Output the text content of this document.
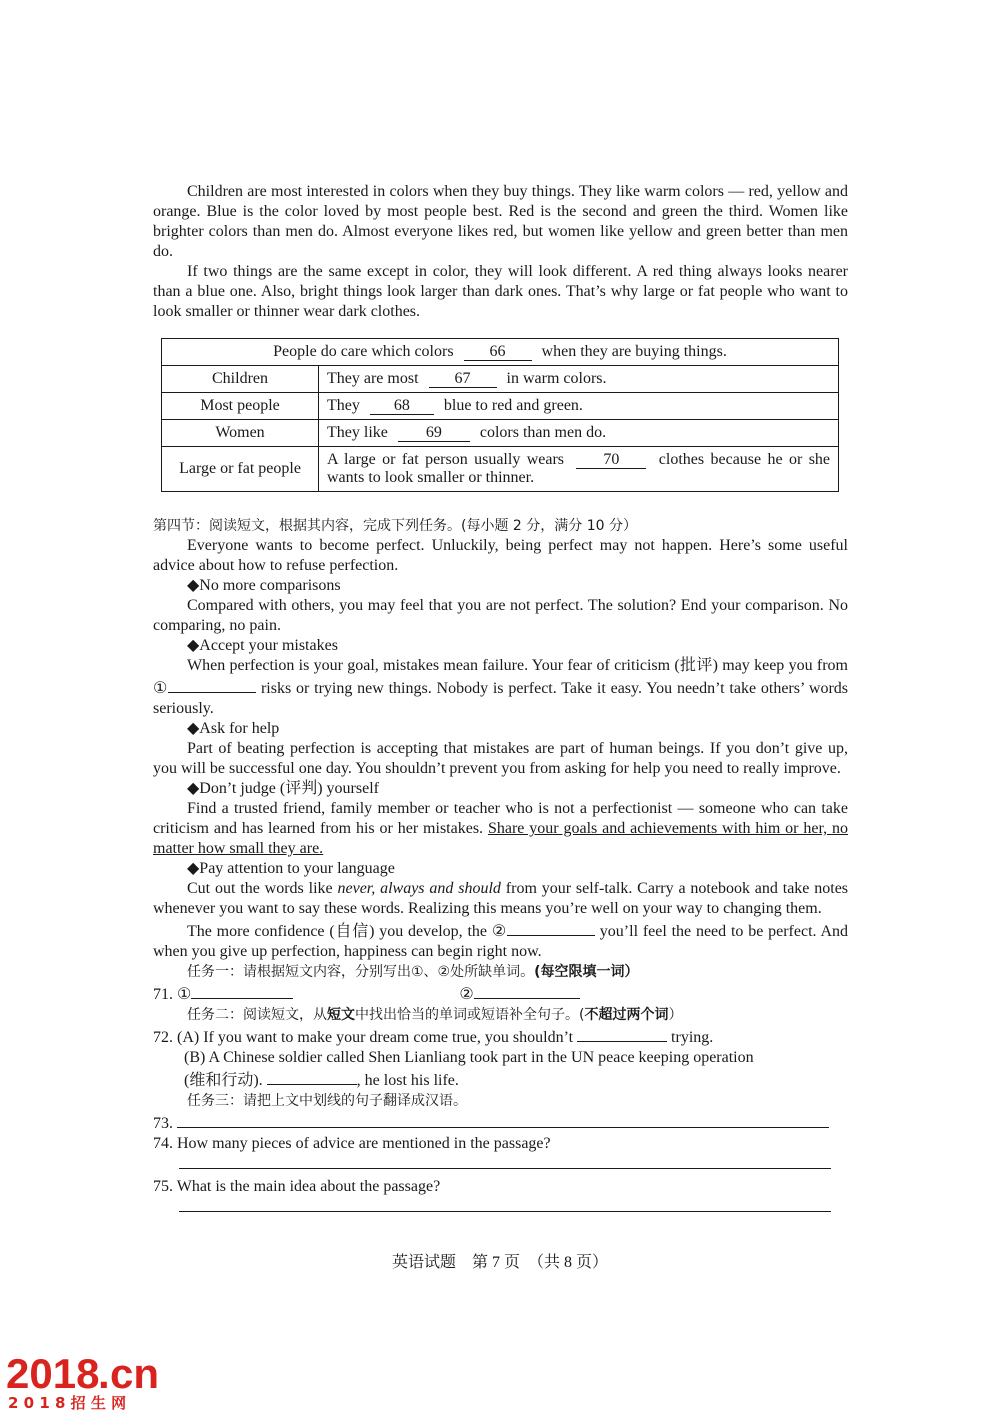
Children are most interested in colors when they buy things. They like warm colors — red, yellow and orange. Blue is the color loved by most people best. Red is the second and green the third. Women like brighter colors than men do. Almost everyone likes red, but women like yellow and green better than men do.

If two things are the same except in color, they will look different. A red thing always looks nearer than a blue one. Also, bright things look larger than dark ones. That’s why large or fat people who want to look smaller or thinner wear dark clothes.

People do care which colors 66 when they are buying things.	
Children	They are most 67 in warm colors.
Most people	They 68 blue to red and green.
Women	They like 69 colors than men do.
Large or fat people	A large or fat person usually wears 70 clothes because he or she wants to look smaller or thinner.

第四节：阅读短文，根据其内容，完成下列任务。(每小题 2 分，满分 10 分）

Everyone wants to become perfect. Unluckily, being perfect may not happen. Here’s some useful advice about how to refuse perfection.

◆No more comparisons

Compared with others, you may feel that you are not perfect. The solution? End your comparison. No comparing, no pain.

◆Accept your mistakes

When perfection is your goal, mistakes mean failure. Your fear of criticism (批评) may keep you from ①	risks or trying new things. Nobody is perfect. Take it easy. You needn’t take others’ words seriously.

◆Ask for help

Part of beating perfection is accepting that mistakes are part of human beings. If you don’t give up, you will be successful one day. You shouldn’t prevent you from asking for help you need to really improve.

◆Don’t judge (评判) yourself

Find a trusted friend, family member or teacher who is not a perfectionist — someone who can take criticism and has learned from his or her mistakes. Share your goals and achievements with him or her, no matter how small they are.

◆Pay attention to your language

Cut out the words like never, always and should from your self-talk. Carry a notebook and take notes whenever you want to say these words. Realizing this means you’re well on your way to changing them.

The more confidence (自信) you develop, the ②	you’ll feel the need to be perfect. And when you give up perfection, happiness can begin right now.

任务一：请根据短文内容，分别写出①、②处所缺单词。(每空限填一词）

71. ①	②

任务二：阅读短文，从短文中找出恰当的单词或短语补全句子。(不超过两个词）

72. (A) If you want to make your dream come true, you shouldn’t	trying.

(B) A Chinese soldier called Shen Lianliang took part in the UN peace keeping operation

(维和行动).	, he lost his life.

任务三：请把上文中划线的句子翻译成汉语。

73.

74. How many pieces of advice are mentioned in the passage?

75. What is the main idea about the passage?

英语试题　第 7 页　（共 8 页）
2018
. cn
2 0 1 8 招 生 网
